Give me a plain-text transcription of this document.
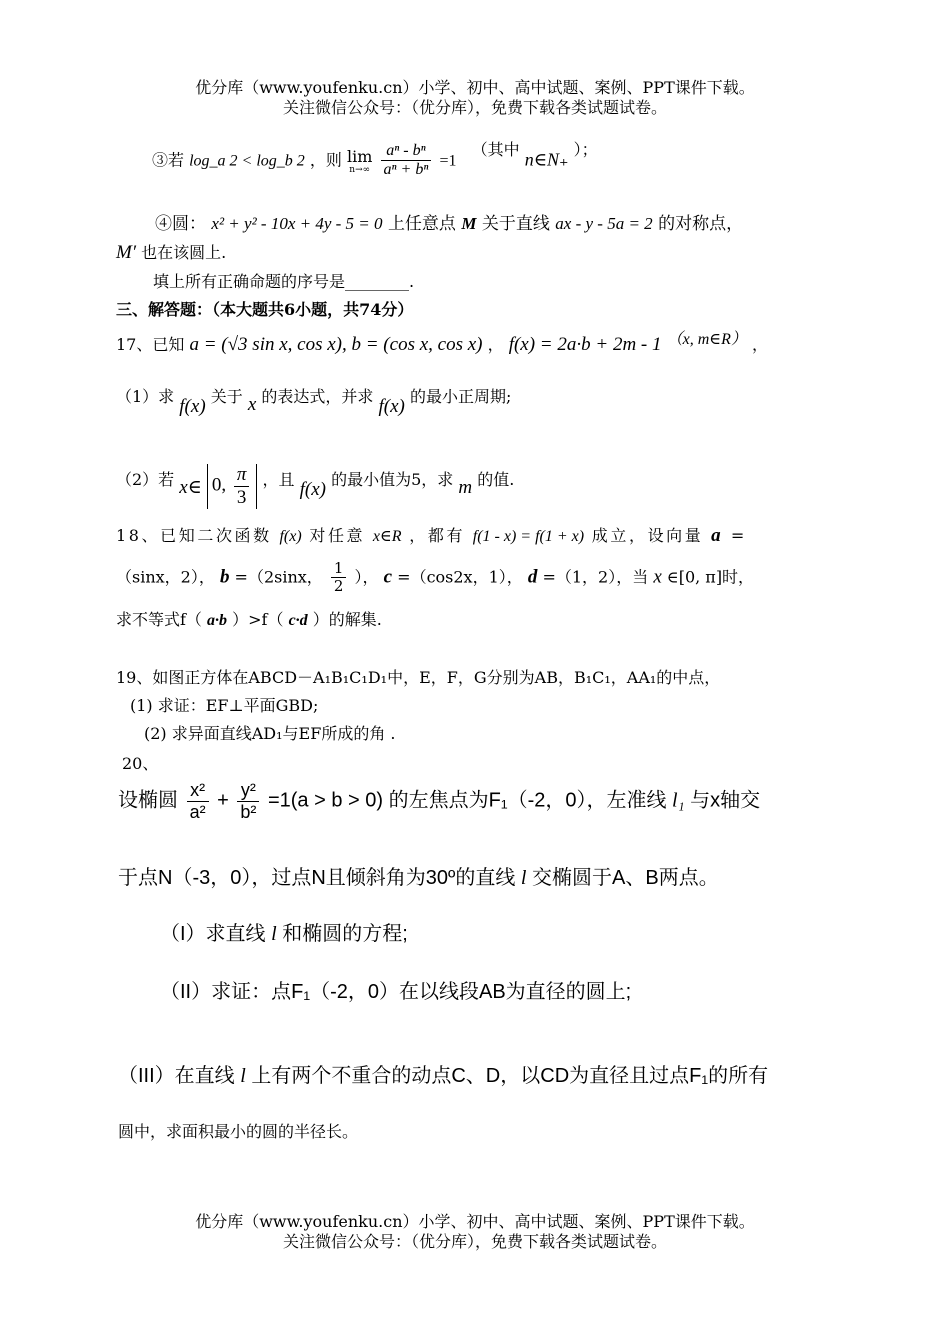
优分库（www.youfenku.cn）小学、初中、高中试题、案例、PPT课件下载。
关注微信公众号：（优分库），免费下载各类试题试卷。
③若 log_a 2 < log_b 2 ，则 lim
n→∞
$\frac{\text{aⁿ - bⁿ}}{\text{aⁿ + bⁿ}} =1$ （其中 n∈N₊ ）；
④圆： x² + y² - 10x + 4y - 5 = 0 上任意点 M 关于直线 ax - y - 5a = 2 的对称点，
M′ 也在该圆上.
填上所有正确命题的序号是________.
三、解答题：（本大题共6小题，共74分）
17、已知 a = (√3 sin x, cos x), b = (cos x, cos x) ， f(x) = 2a·b + 2m - 1 （x, m∈R） ，
（1）求 f(x) 关于 x 的表达式，并求 f(x) 的最小正周期;
（2）若 x∈ 0, $\frac{\pi}{3}$ ，且 f(x) 的最小值为5，求 m 的值.
18、已知二次函数 f(x) 对任意 x∈R ，都有 f(1 - x) = f(1 + x) 成立，设向量 a =
（sinx，2）， b =（2sinx， $\frac{1}{2}$ ）， c =（cos2x，1）， d =（1，2），当 x ∈[0, π]时，
求不等式f（ a·b ）>f（ c·d ）的解集.
19、如图正方体在ABCD－A₁B₁C₁D₁中，E，F，G分别为AB，B₁C₁，AA₁的中点，
(1) 求证：EF⊥平面GBD;
(2) 求异面直线AD₁与EF所成的角 .
20、
设椭圆 $\frac{\text{x²}}{\text{a²}} + \frac{\text{y²}}{\text{b²}} =1(a > b > 0)$ 的左焦点为F₁（-2，0），左准线 l₁ 与x轴交
于点N（-3，0），过点N且倾斜角为30º的直线 l 交椭圆于A、B两点。
（I）求直线 l 和椭圆的方程;
（II）求证：点F₁（-2，0）在以线段AB为直径的圆上;
（III）在直线 l 上有两个不重合的动点C、D，以CD为直径且过点F₁的所有
圆中，求面积最小的圆的半径长。
优分库（www.youfenku.cn）小学、初中、高中试题、案例、PPT课件下载。
关注微信公众号：（优分库），免费下载各类试题试卷。
